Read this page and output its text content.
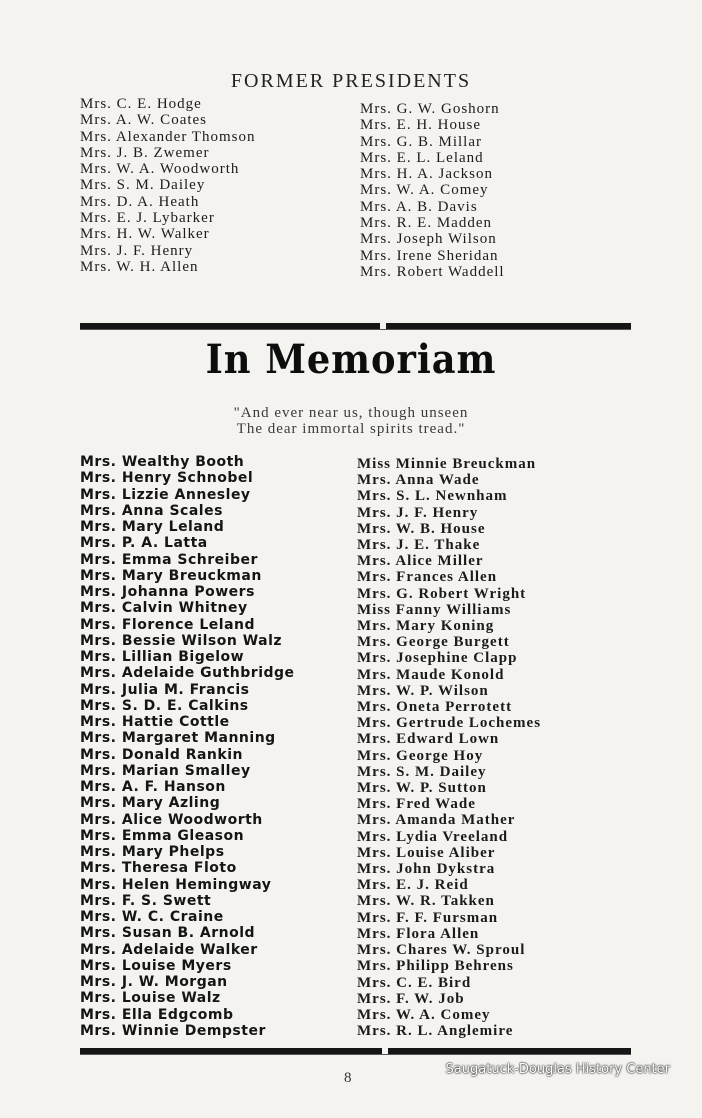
FORMER PRESIDENTS
Mrs. C. E. Hodge
Mrs. A. W. Coates
Mrs. Alexander Thomson
Mrs. J. B. Zwemer
Mrs. W. A. Woodworth
Mrs. S. M. Dailey
Mrs. D. A. Heath
Mrs. E. J. Lybarker
Mrs. H. W. Walker
Mrs. J. F. Henry
Mrs. W. H. Allen
Mrs. G. W. Goshorn
Mrs. E. H. House
Mrs. G. B. Millar
Mrs. E. L. Leland
Mrs. H. A. Jackson
Mrs. W. A. Comey
Mrs. A. B. Davis
Mrs. R. E. Madden
Mrs. Joseph Wilson
Mrs. Irene Sheridan
Mrs. Robert Waddell
In Memoriam
"And ever near us, though unseen
The dear immortal spirits tread."
Mrs. Wealthy Booth
Mrs. Henry Schnobel
Mrs. Lizzie Annesley
Mrs. Anna Scales
Mrs. Mary Leland
Mrs. P. A. Latta
Mrs. Emma Schreiber
Mrs. Mary Breuckman
Mrs. Johanna Powers
Mrs. Calvin Whitney
Mrs. Florence Leland
Mrs. Bessie Wilson Walz
Mrs. Lillian Bigelow
Mrs. Adelaide Guthbridge
Mrs. Julia M. Francis
Mrs. S. D. E. Calkins
Mrs. Hattie Cottle
Mrs. Margaret Manning
Mrs. Donald Rankin
Mrs. Marian Smalley
Mrs. A. F. Hanson
Mrs. Mary Azling
Mrs. Alice Woodworth
Mrs. Emma Gleason
Mrs. Mary Phelps
Mrs. Theresa Floto
Mrs. Helen Hemingway
Mrs. F. S. Swett
Mrs. W. C. Craine
Mrs. Susan B. Arnold
Mrs. Adelaide Walker
Mrs. Louise Myers
Mrs. J. W. Morgan
Mrs. Louise Walz
Mrs. Ella Edgcomb
Mrs. Winnie Dempster
Miss Minnie Breuckman
Mrs. Anna Wade
Mrs. S. L. Newnham
Mrs. J. F. Henry
Mrs. W. B. House
Mrs. J. E. Thake
Mrs. Alice Miller
Mrs. Frances Allen
Mrs. G. Robert Wright
Miss Fanny Williams
Mrs. Mary Koning
Mrs. George Burgett
Mrs. Josephine Clapp
Mrs. Maude Konold
Mrs. W. P. Wilson
Mrs. Oneta Perrotett
Mrs. Gertrude Lochemes
Mrs. Edward Lown
Mrs. George Hoy
Mrs. S. M. Dailey
Mrs. W. P. Sutton
Mrs. Fred Wade
Mrs. Amanda Mather
Mrs. Lydia Vreeland
Mrs. Louise Aliber
Mrs. John Dykstra
Mrs. E. J. Reid
Mrs. W. R. Takken
Mrs. F. F. Fursman
Mrs. Flora Allen
Mrs. Chares W. Sproul
Mrs. Philipp Behrens
Mrs. C. E. Bird
Mrs. F. W. Job
Mrs. W. A. Comey
Mrs. R. L. Anglemire
8
Saugatuck-Douglas History Center
